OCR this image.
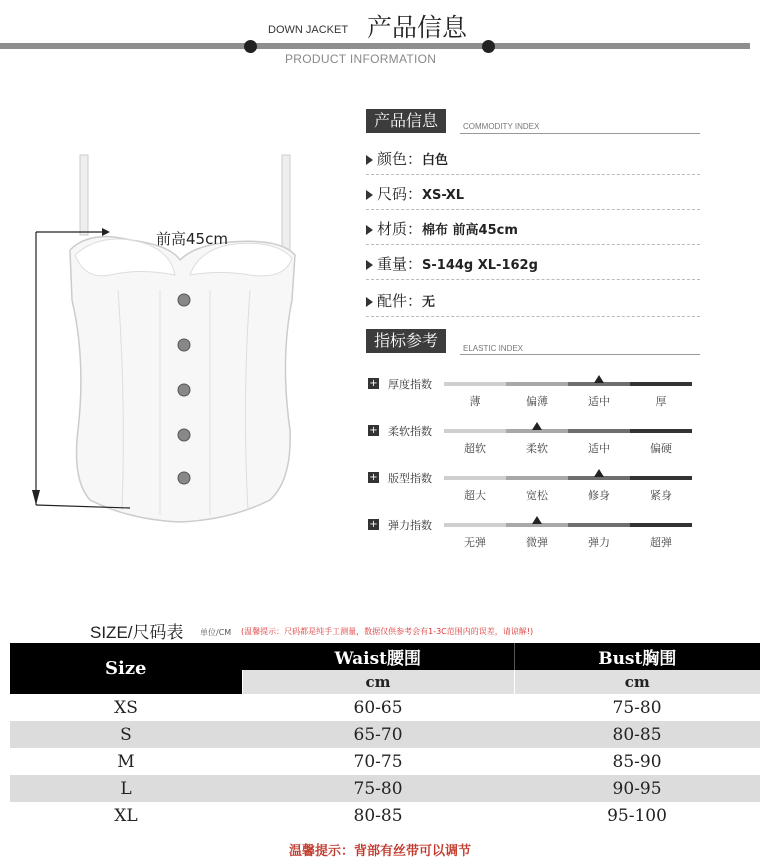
DOWN JACKET 产品信息
PRODUCT INFORMATION
前高45cm
产品信息	COMMODITY INDEX
颜色：白色
尺码：XS-XL
材质：棉布 前高45cm
重量：S-144g XL-162g
配件：无
指标参考	ELASTIC INDEX
+ 厚度指数
薄	偏薄	适中	厚
+ 柔软指数
超软	柔软	适中	偏硬
+ 版型指数
超大	宽松	修身	紧身
+ 弹力指数
无弹	微弹	弹力	超弹
SIZE/尺码表 单位/CM (温馨提示：尺码都是纯手工测量，数据仅供参考会有1-3C范围内的误差，请谅解!)
Size	Waist腰围	Bust胸围
	cm	cm
XS	60-65	75-80
S	65-70	80-85
M	70-75	85-90
L	75-80	90-95
XL	80-85	95-100
温馨提示：背部有丝带可以调节
